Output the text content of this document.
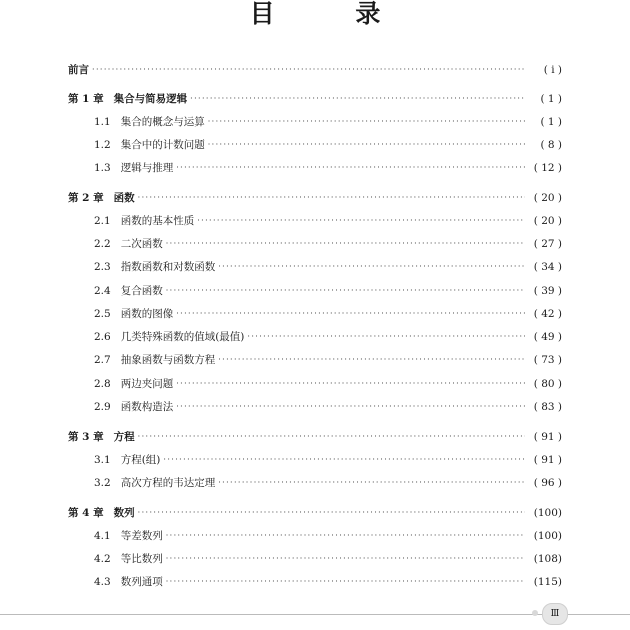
目 录
前言 ·····	( ⅰ )
第 1 章 集合与简易逻辑 ·····	( 1 )
1.1 集合的概念与运算 ·····	( 1 )
1.2 集合中的计数问题 ·····	( 8 )
1.3 逻辑与推理 ·····	( 12 )
第 2 章 函数 ·····	( 20 )
2.1 函数的基本性质 ·····	( 20 )
2.2 二次函数 ·····	( 27 )
2.3 指数函数和对数函数 ·····	( 34 )
2.4 复合函数 ·····	( 39 )
2.5 函数的图像 ·····	( 42 )
2.6 几类特殊函数的值域(最值) ·····	( 49 )
2.7 抽象函数与函数方程 ·····	( 73 )
2.8 两边夹问题 ·····	( 80 )
2.9 函数构造法 ·····	( 83 )
第 3 章 方程 ·····	( 91 )
3.1 方程(组) ·····	( 91 )
3.2 高次方程的韦达定理 ·····	( 96 )
第 4 章 数列 ·····	(100)
4.1 等差数列 ·····	(100)
4.2 等比数列 ·····	(108)
4.3 数列通项 ·····	(115)
Ⅲ
